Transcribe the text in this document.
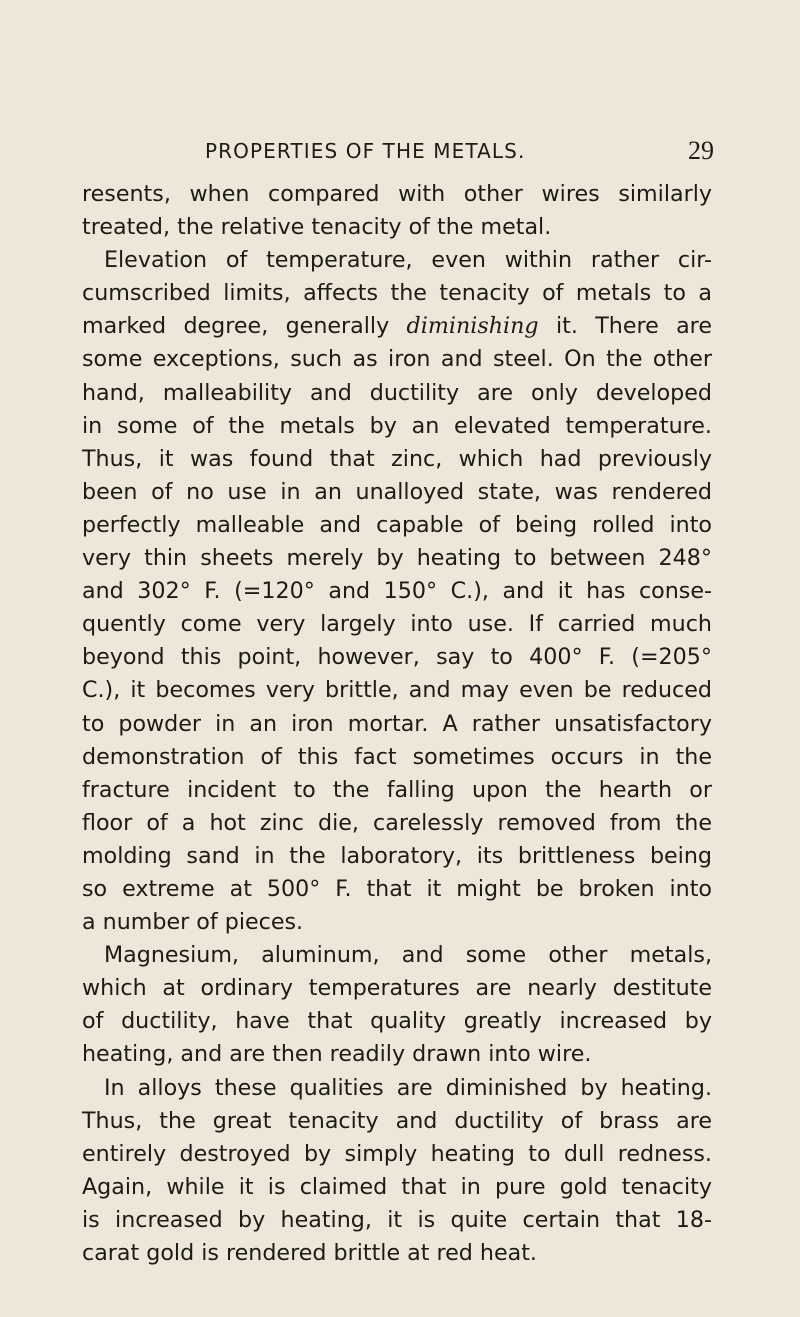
PROPERTIES OF THE METALS.	29
resents, when compared with other wires similarly
treated, the relative tenacity of the metal.
Elevation of temperature, even within rather cir-
cumscribed limits, affects the tenacity of metals to a
marked degree, generally diminishing it. There are
some exceptions, such as iron and steel. On the other
hand, malleability and ductility are only developed
in some of the metals by an elevated temperature.
Thus, it was found that zinc, which had previously
been of no use in an unalloyed state, was rendered
perfectly malleable and capable of being rolled into
very thin sheets merely by heating to between 248°
and 302° F. (=120° and 150° C.), and it has conse-
quently come very largely into use. If carried much
beyond this point, however, say to 400° F. (=205°
C.), it becomes very brittle, and may even be reduced
to powder in an iron mortar. A rather unsatisfactory
demonstration of this fact sometimes occurs in the
fracture incident to the falling upon the hearth or
floor of a hot zinc die, carelessly removed from the
molding sand in the laboratory, its brittleness being
so extreme at 500° F. that it might be broken into
a number of pieces.
Magnesium, aluminum, and some other metals,
which at ordinary temperatures are nearly destitute
of ductility, have that quality greatly increased by
heating, and are then readily drawn into wire.
In alloys these qualities are diminished by heating.
Thus, the great tenacity and ductility of brass are
entirely destroyed by simply heating to dull redness.
Again, while it is claimed that in pure gold tenacity
is increased by heating, it is quite certain that 18-
carat gold is rendered brittle at red heat.
